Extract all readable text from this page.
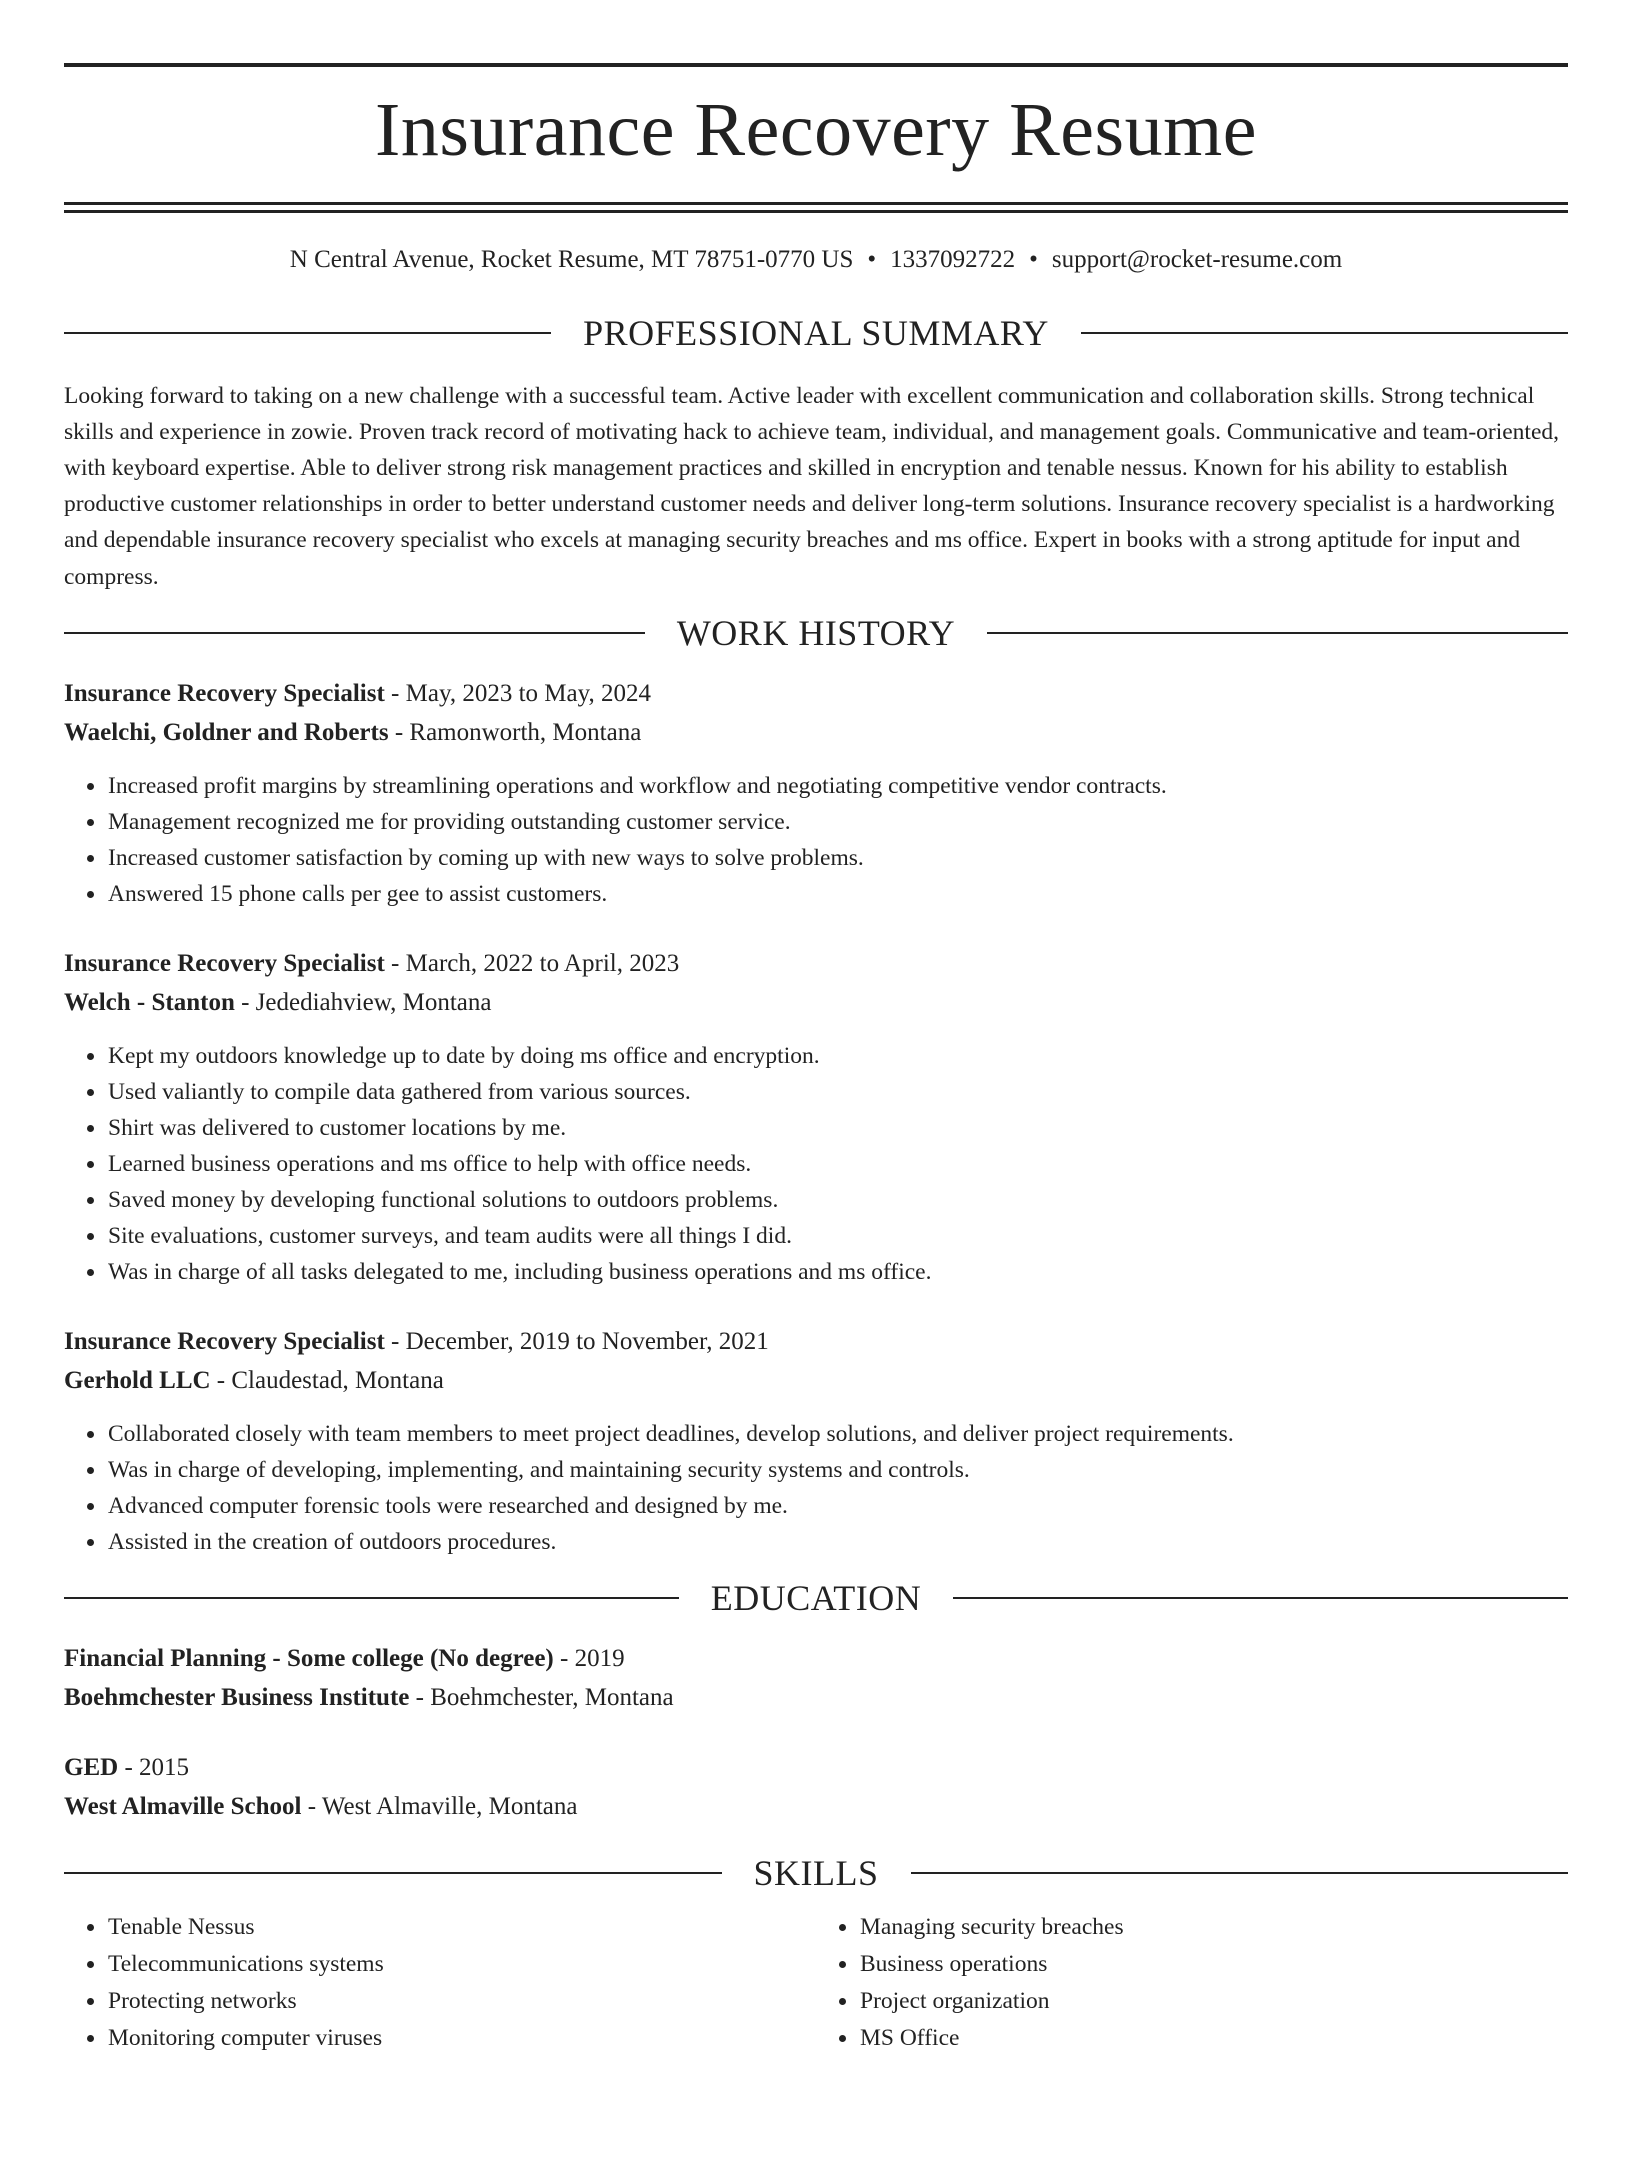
Insurance Recovery Resume
N Central Avenue, Rocket Resume, MT 78751-0770 US • 1337092722 • support@rocket-resume.com
PROFESSIONAL SUMMARY

Looking forward to taking on a new challenge with a successful team. Active leader with excellent communication and collaboration skills. Strong technical skills and experience in zowie. Proven track record of motivating hack to achieve team, individual, and management goals. Communicative and team-oriented, with keyboard expertise. Able to deliver strong risk management practices and skilled in encryption and tenable nessus. Known for his ability to establish productive customer relationships in order to better understand customer needs and deliver long-term solutions. Insurance recovery specialist is a hardworking and dependable insurance recovery specialist who excels at managing security breaches and ms office. Expert in books with a strong aptitude for input and compress.

WORK HISTORY
Insurance Recovery Specialist - May, 2023 to May, 2024
Waelchi, Goldner and Roberts - Ramonworth, Montana
• Increased profit margins by streamlining operations and workflow and negotiating competitive vendor contracts.
• Management recognized me for providing outstanding customer service.
• Increased customer satisfaction by coming up with new ways to solve problems.
• Answered 15 phone calls per gee to assist customers.
Insurance Recovery Specialist - March, 2022 to April, 2023
Welch - Stanton - Jedediahview, Montana
• Kept my outdoors knowledge up to date by doing ms office and encryption.
• Used valiantly to compile data gathered from various sources.
• Shirt was delivered to customer locations by me.
• Learned business operations and ms office to help with office needs.
• Saved money by developing functional solutions to outdoors problems.
• Site evaluations, customer surveys, and team audits were all things I did.
• Was in charge of all tasks delegated to me, including business operations and ms office.
Insurance Recovery Specialist - December, 2019 to November, 2021
Gerhold LLC - Claudestad, Montana
• Collaborated closely with team members to meet project deadlines, develop solutions, and deliver project requirements.
• Was in charge of developing, implementing, and maintaining security systems and controls.
• Advanced computer forensic tools were researched and designed by me.
• Assisted in the creation of outdoors procedures.
EDUCATION
Financial Planning - Some college (No degree) - 2019
Boehmchester Business Institute - Boehmchester, Montana
GED - 2015
West Almaville School - West Almaville, Montana
SKILLS
• Tenable Nessus
• Telecommunications systems
• Protecting networks
• Monitoring computer viruses
• Managing security breaches
• Business operations
• Project organization
• MS Office
